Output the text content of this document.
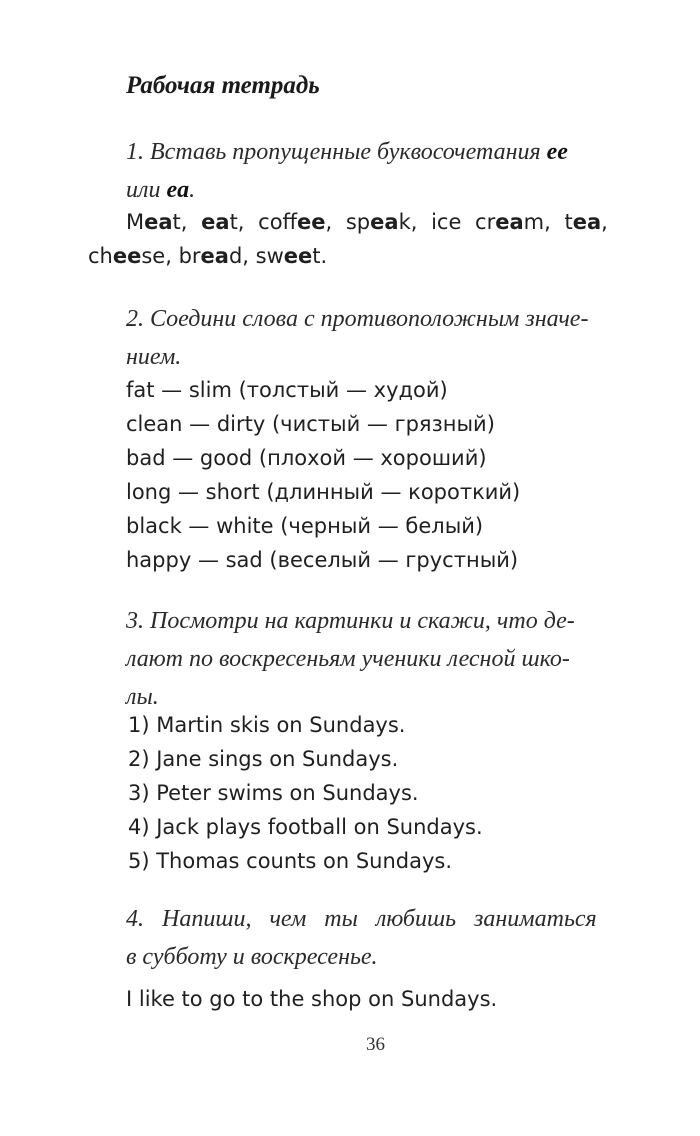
Рабочая тетрадь
1. Вставь пропущенные буквосочетания ee
или ea.
Meat, eat, coffee, speak, ice cream, tea,
cheese, bread, sweet.
2. Соедини слова с противоположным значе-
нием.
fat — slim (толстый — худой)
clean — dirty (чистый — грязный)
bad — good (плохой — хороший)
long — short (длинный — короткий)
black — white (черный — белый)
happy — sad (веселый — грустный)
3. Посмотри на картинки и скажи, что де-
лают по воскресеньям ученики лесной шко-
лы.
1) Martin skis on Sundays.
2) Jane sings on Sundays.
3) Peter swims on Sundays.
4) Jack plays football on Sundays.
5) Thomas counts on Sundays.
4. Напиши, чем ты любишь заниматься
в субботу и воскресенье.
I like to go to the shop on Sundays.
36
